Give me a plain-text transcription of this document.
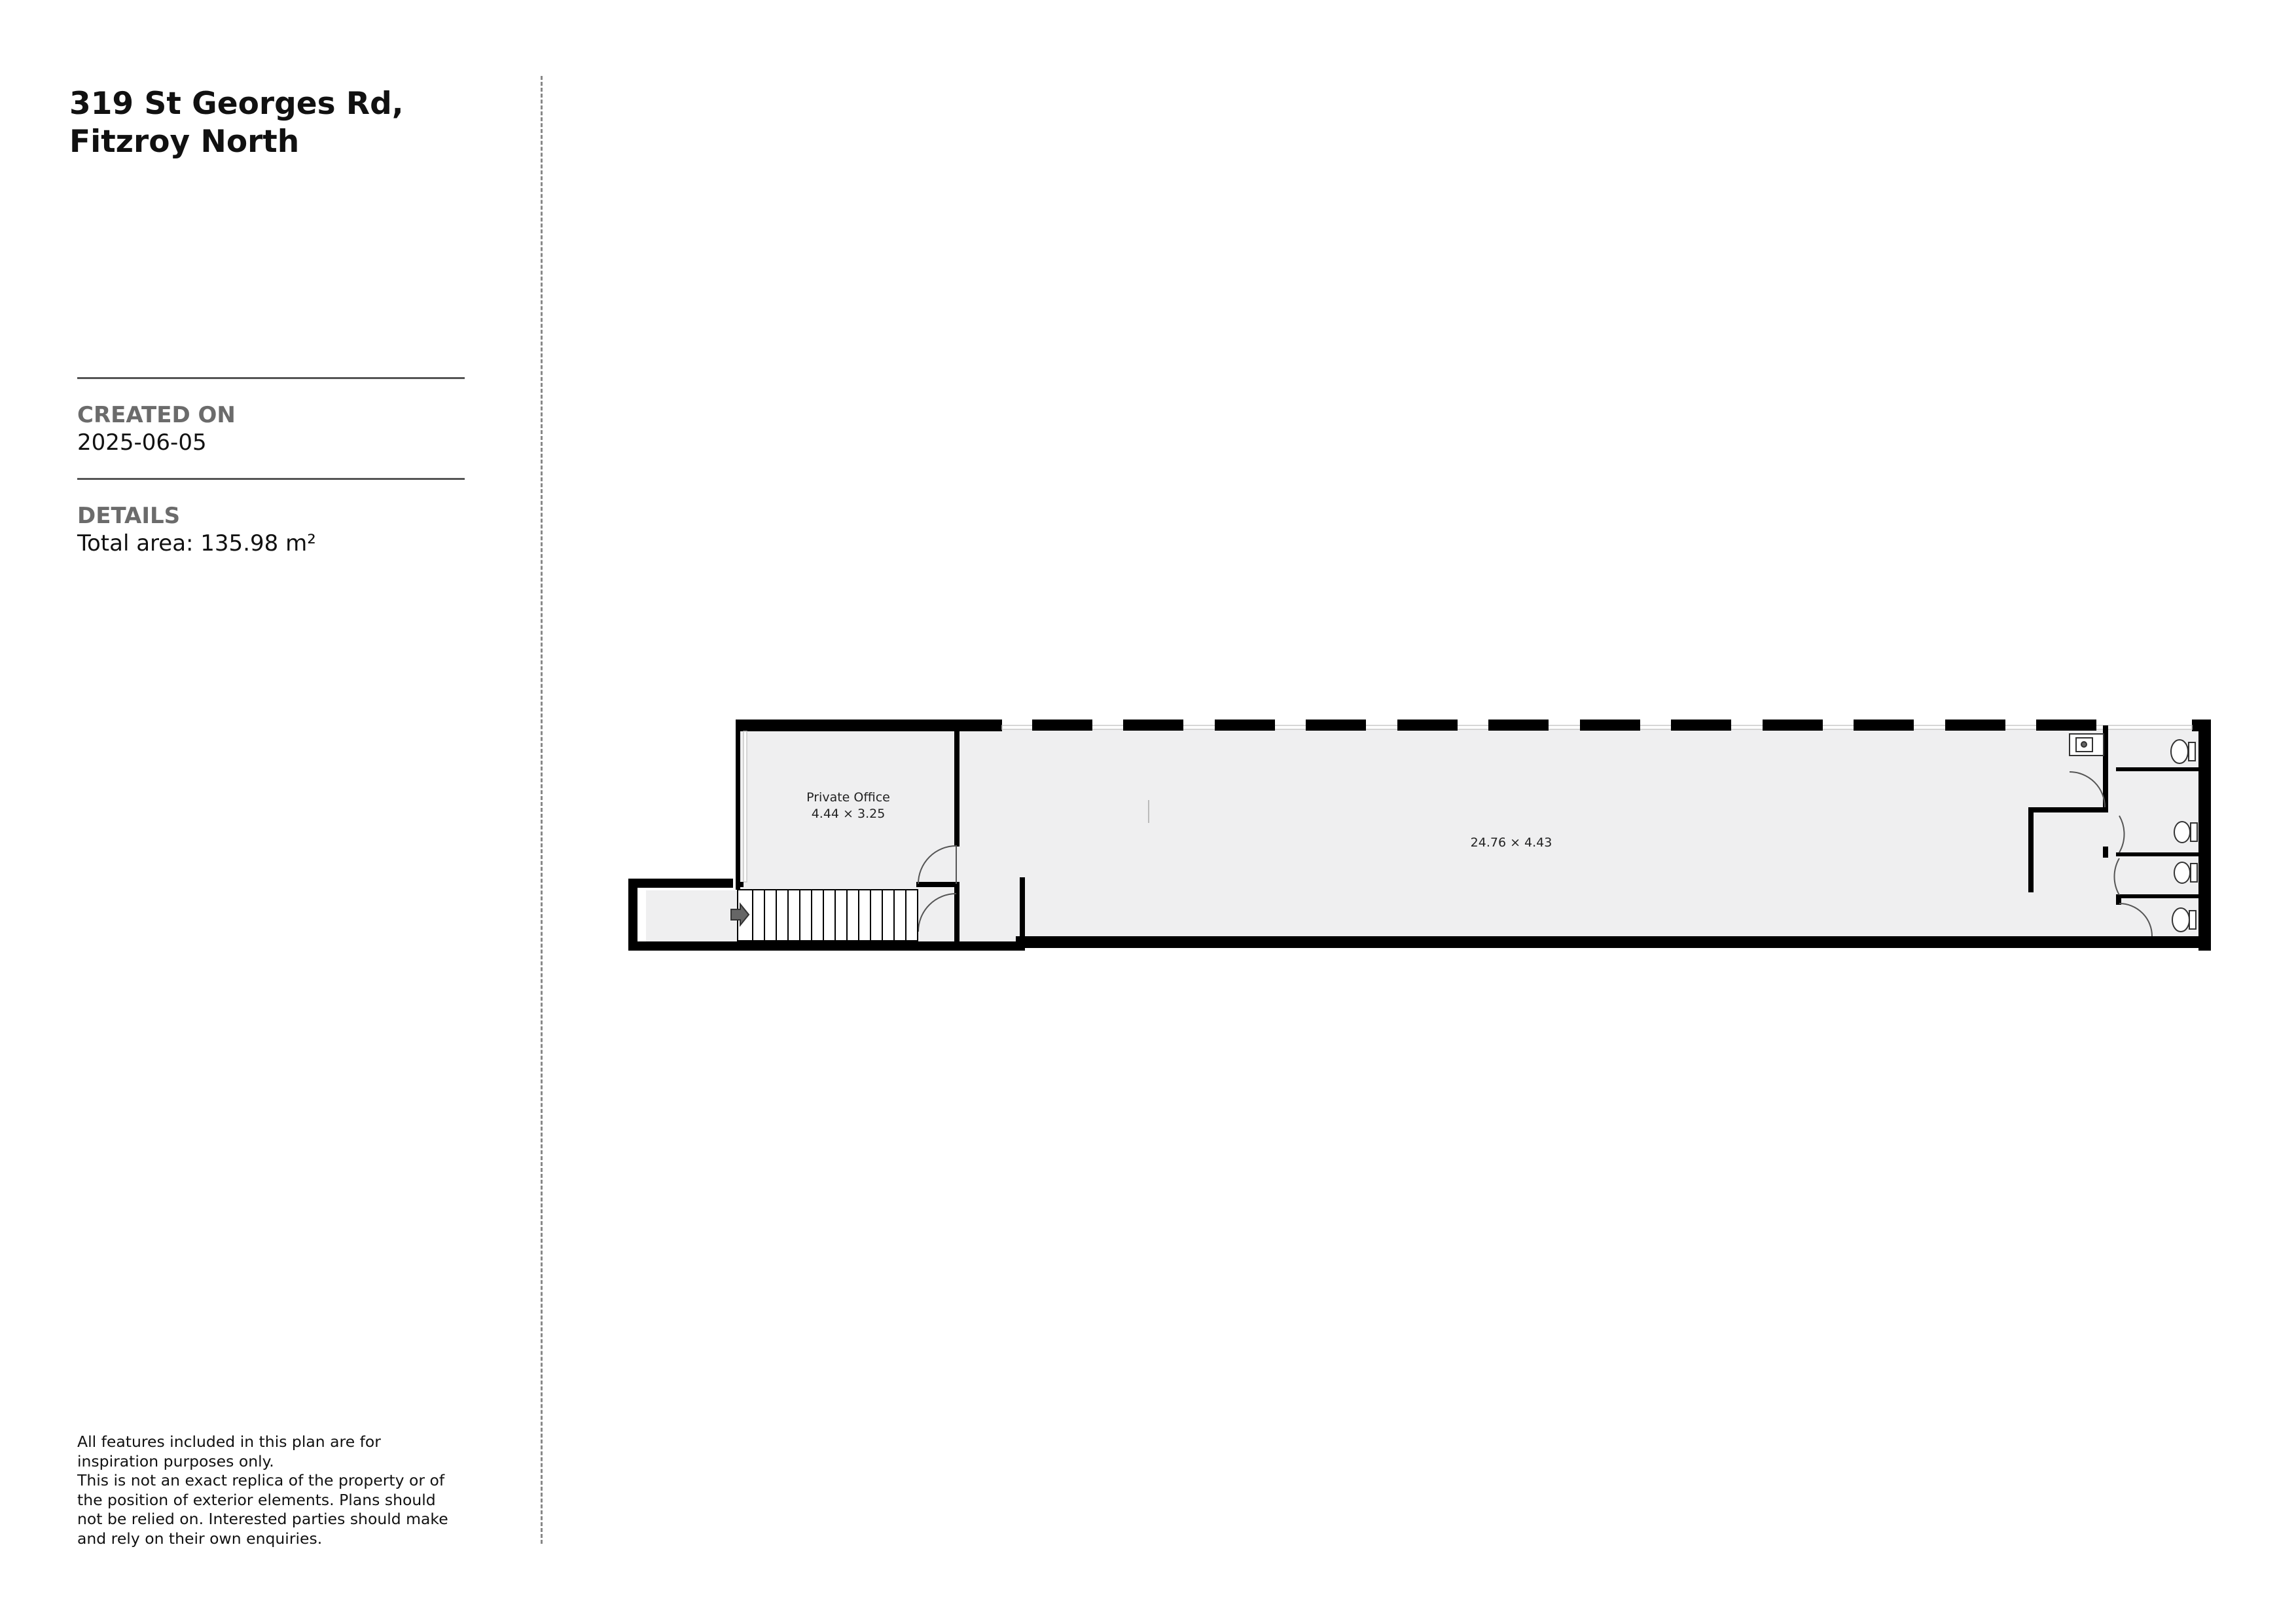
319 St Georges Rd, Fitzroy North
CREATED ON
2025-06-05
DETAILS
Total area: 135.98 m²
All features included in this plan are for
inspiration purposes only.
This is not an exact replica of the property or of
the position of exterior elements. Plans should
not be relied on. Interested parties should make
and rely on their own enquiries.
Private Office
4.44 × 3.25
24.76 × 4.43
